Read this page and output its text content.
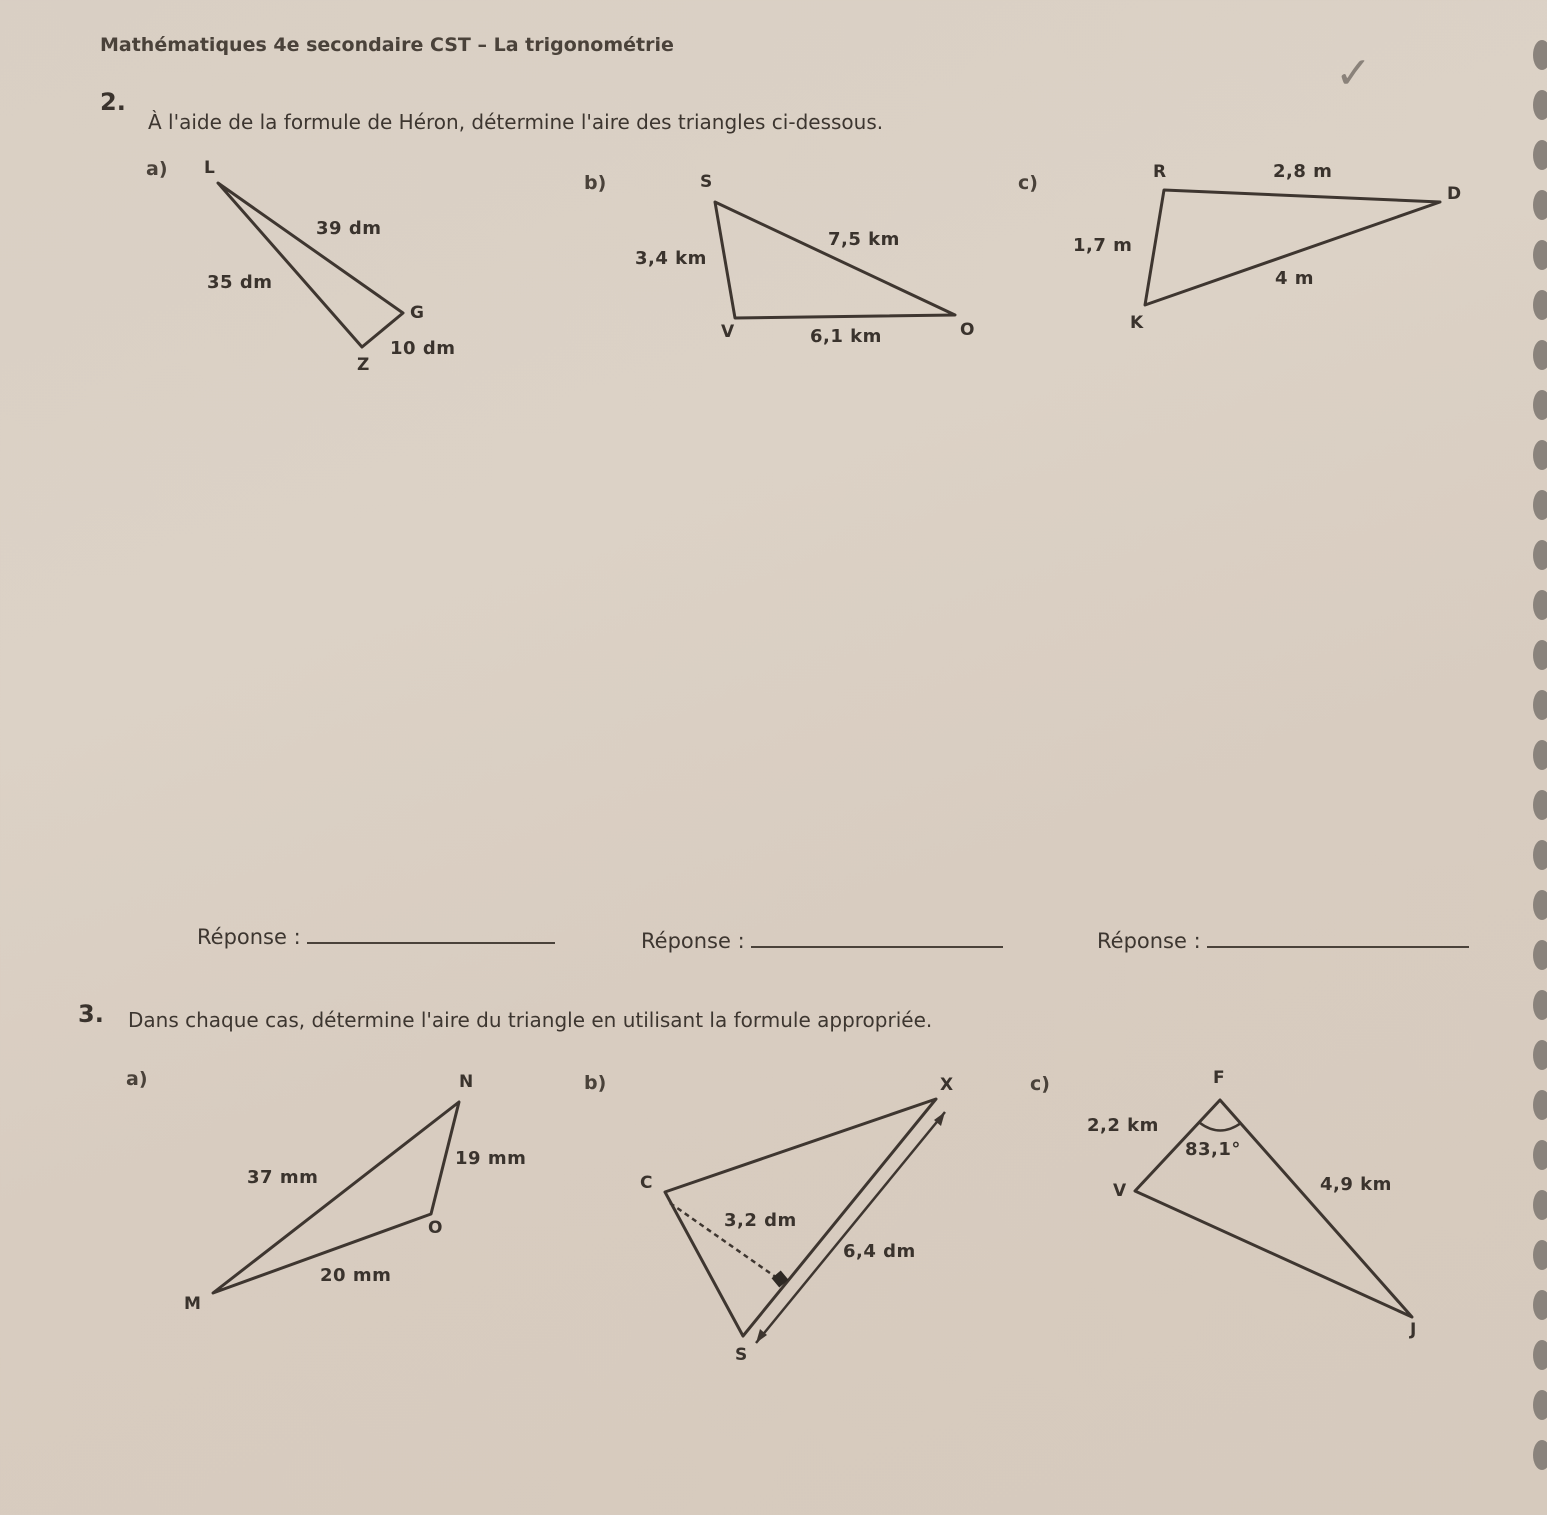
Mathématiques 4e secondaire CST – La trigonométrie
✓
2.
À l'aide de la formule de Héron, détermine l'aire des triangles ci-dessous.
a)
b)	c)
L
G
Z
39 dm
35 dm
10 dm
S
V	O
3,4 km
7,5 km
6,1 km
R
D
K
2,8 m
1,7 m
4 m
Réponse :	Réponse :	Réponse :
3. Dans chaque cas, détermine l'aire du triangle en utilisant la formule appropriée.
a)	b)	c)
N
O
M
37 mm
19 mm
20 mm
X
C
S
3,2 dm
6,4 dm
F
V
J
2,2 km
4,9 km
83,1°
